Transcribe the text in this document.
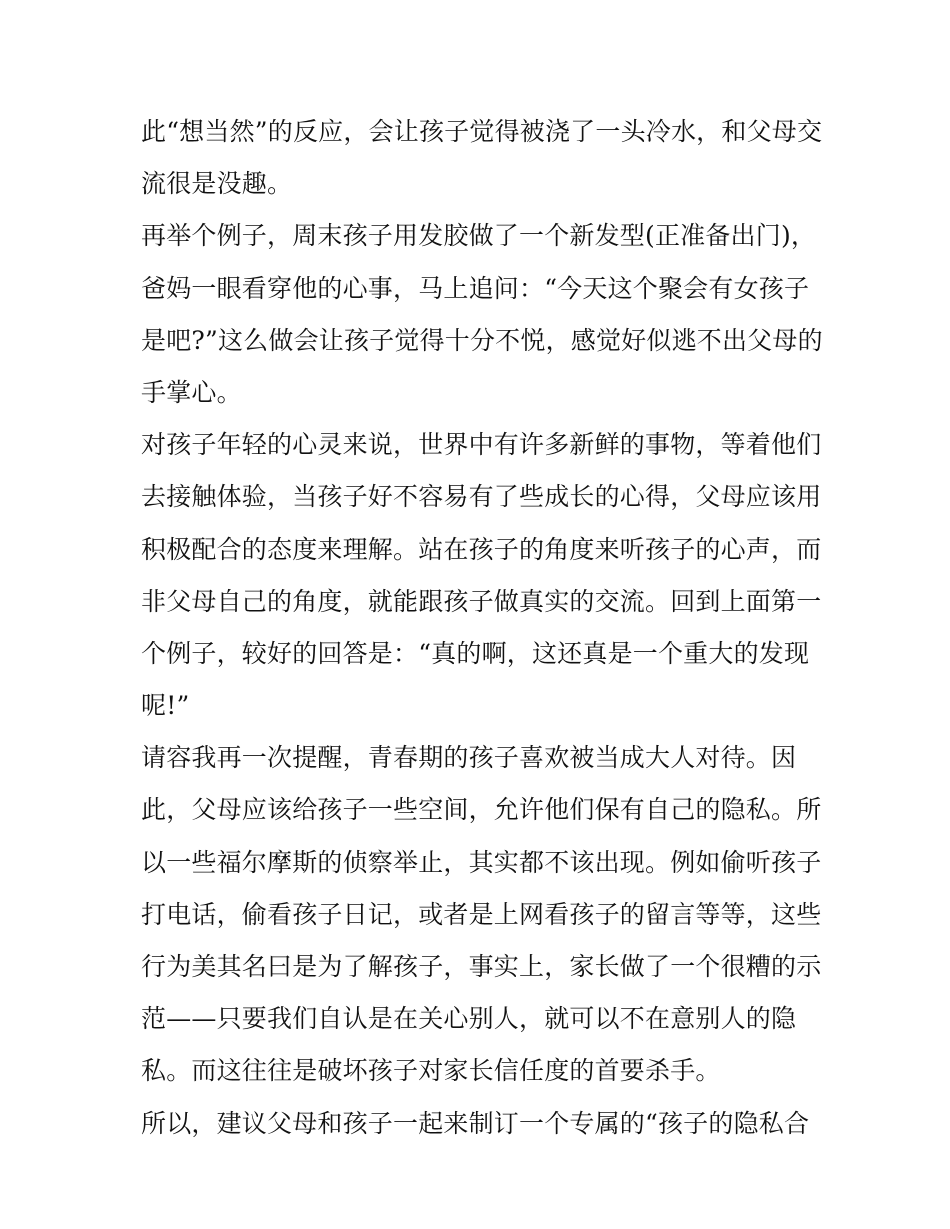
此“想当然”的反应，会让孩子觉得被浇了一头冷水，和父母交
流很是没趣。
再举个例子，周末孩子用发胶做了一个新发型(正准备出门)，
爸妈一眼看穿他的心事，马上追问：“今天这个聚会有女孩子
是吧?”这么做会让孩子觉得十分不悦，感觉好似逃不出父母的
手掌心。
对孩子年轻的心灵来说，世界中有许多新鲜的事物，等着他们
去接触体验，当孩子好不容易有了些成长的心得，父母应该用
积极配合的态度来理解。站在孩子的角度来听孩子的心声，而
非父母自己的角度，就能跟孩子做真实的交流。回到上面第一
个例子，较好的回答是：“真的啊，这还真是一个重大的发现
呢!”
请容我再一次提醒，青春期的孩子喜欢被当成大人对待。因
此，父母应该给孩子一些空间，允许他们保有自己的隐私。所
以一些福尔摩斯的侦察举止，其实都不该出现。例如偷听孩子
打电话，偷看孩子日记，或者是上网看孩子的留言等等，这些
行为美其名曰是为了解孩子，事实上，家长做了一个很糟的示
范——只要我们自认是在关心别人，就可以不在意别人的隐
私。而这往往是破坏孩子对家长信任度的首要杀手。
所以，建议父母和孩子一起来制订一个专属的“孩子的隐私合
